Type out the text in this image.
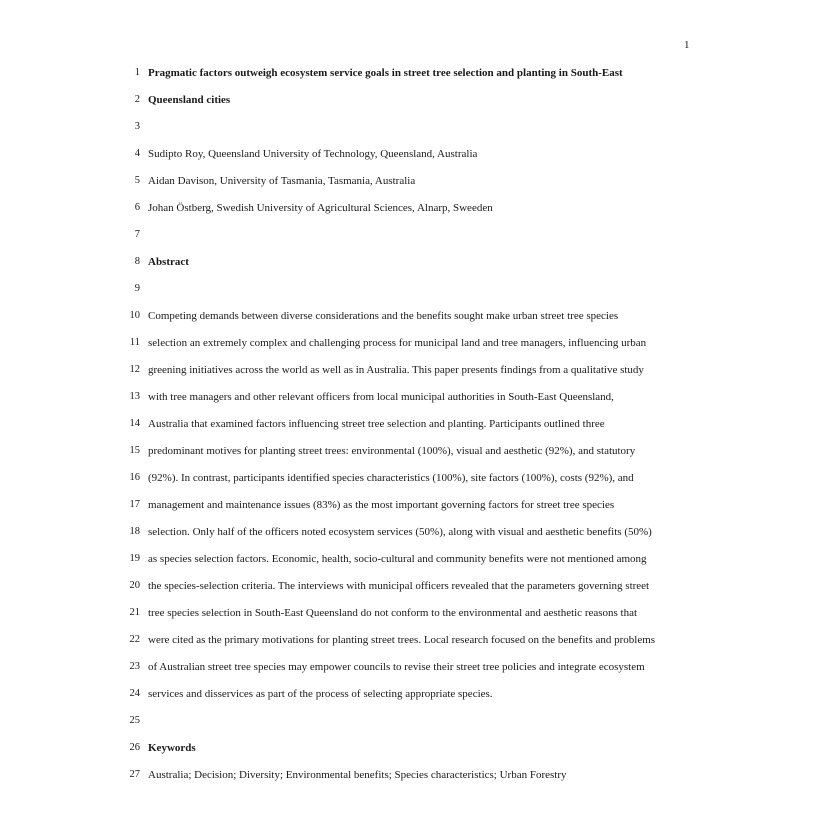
1
1 Pragmatic factors outweigh ecosystem service goals in street tree selection and planting in South-East
2 Queensland cities
3
4 Sudipto Roy, Queensland University of Technology, Queensland, Australia
5 Aidan Davison, University of Tasmania, Tasmania, Australia
6 Johan Östberg, Swedish University of Agricultural Sciences, Alnarp, Sweeden
7
8 Abstract
9
10 Competing demands between diverse considerations and the benefits sought make urban street tree species
11 selection an extremely complex and challenging process for municipal land and tree managers, influencing urban
12 greening initiatives across the world as well as in Australia. This paper presents findings from a qualitative study
13 with tree managers and other relevant officers from local municipal authorities in South-East Queensland,
14 Australia that examined factors influencing street tree selection and planting. Participants outlined three
15 predominant motives for planting street trees: environmental (100%), visual and aesthetic (92%), and statutory
16 (92%). In contrast, participants identified species characteristics (100%), site factors (100%), costs (92%), and
17 management and maintenance issues (83%) as the most important governing factors for street tree species
18 selection. Only half of the officers noted ecosystem services (50%), along with visual and aesthetic benefits (50%)
19 as species selection factors. Economic, health, socio-cultural and community benefits were not mentioned among
20 the species-selection criteria. The interviews with municipal officers revealed that the parameters governing street
21 tree species selection in South-East Queensland do not conform to the environmental and aesthetic reasons that
22 were cited as the primary motivations for planting street trees. Local research focused on the benefits and problems
23 of Australian street tree species may empower councils to revise their street tree policies and integrate ecosystem
24 services and disservices as part of the process of selecting appropriate species.
25
26 Keywords
27 Australia; Decision; Diversity; Environmental benefits; Species characteristics; Urban Forestry
